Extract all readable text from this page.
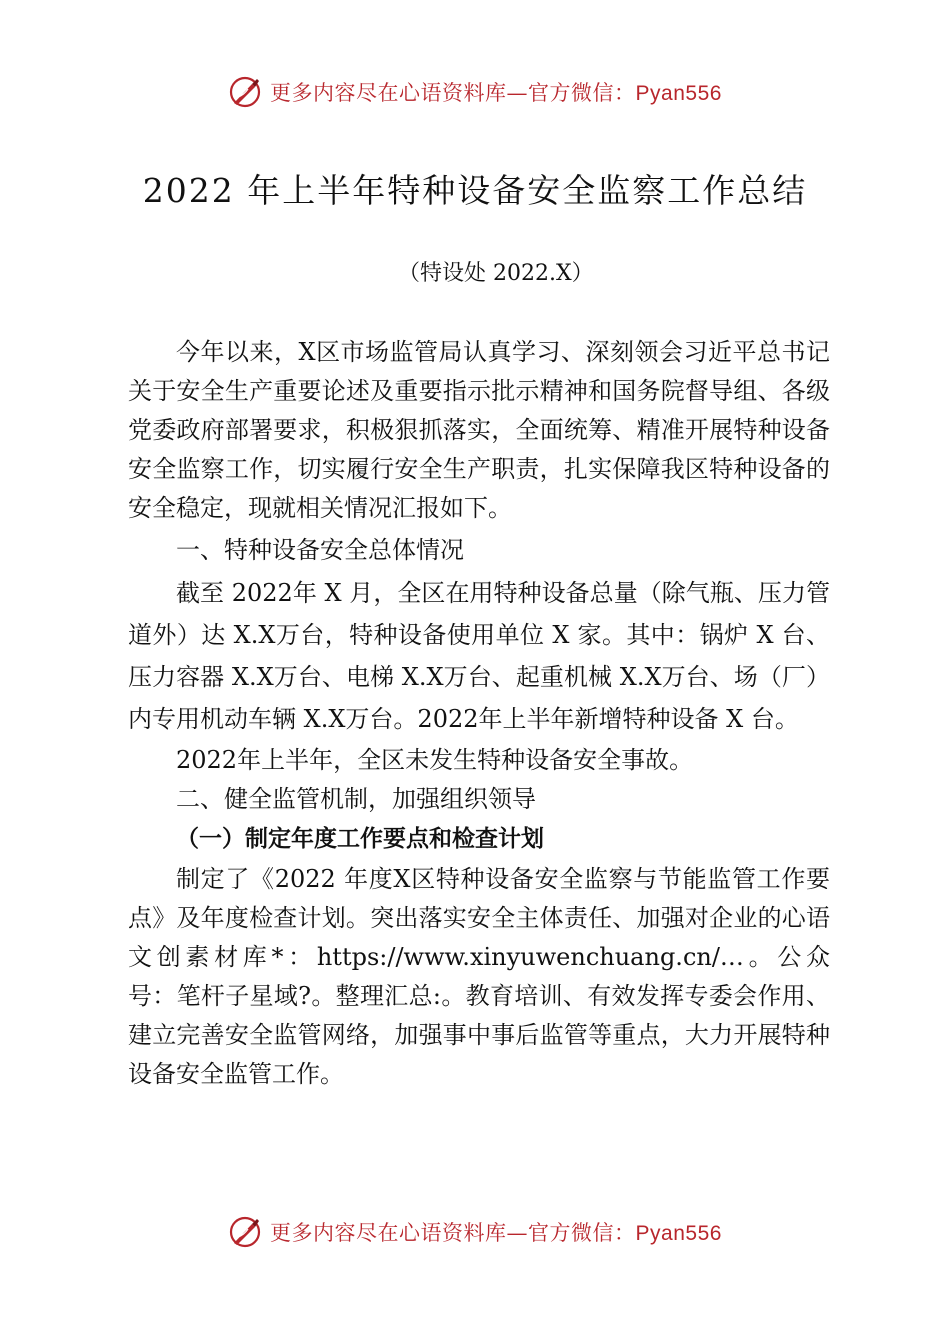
更多内容尽在心语资料库—官方微信：Pyan556
2022 年上半年特种设备安全监察工作总结
（特设处 2022.X）

今年以来，X区市场监管局认真学习、深刻领会习近平总书记关于安全生产重要论述及重要指示批示精神和国务院督导组、各级党委政府部署要求，积极狠抓落实，全面统筹、精准开展特种设备安全监察工作，切实履行安全生产职责，扎实保障我区特种设备的安全稳定，现就相关情况汇报如下。

一、特种设备安全总体情况

截至 2022年 X 月，全区在用特种设备总量（除气瓶、压力管道外）达 X.X万台，特种设备使用单位 X 家。其中：锅炉 X 台、压力容器 X.X万台、电梯 X.X万台、起重机械 X.X万台、场（厂）内专用机动车辆 X.X万台。2022年上半年新增特种设备 X 台。

2022年上半年，全区未发生特种设备安全事故。

二、健全监管机制，加强组织领导

（一）制定年度工作要点和检查计划

制定了《2022 年度X区特种设备安全监察与节能监管工作要点》及年度检查计划。突出落实安全主体责任、加强对企业的心语文创素材库*：https://www.xinyuwenchuang.cn/…。公众号：笔杆子星域?。整理汇总:。教育培训、有效发挥专委会作用、建立完善安全监管网络，加强事中事后监管等重点，大力开展特种设备安全监管工作。

更多内容尽在心语资料库—官方微信：Pyan556
